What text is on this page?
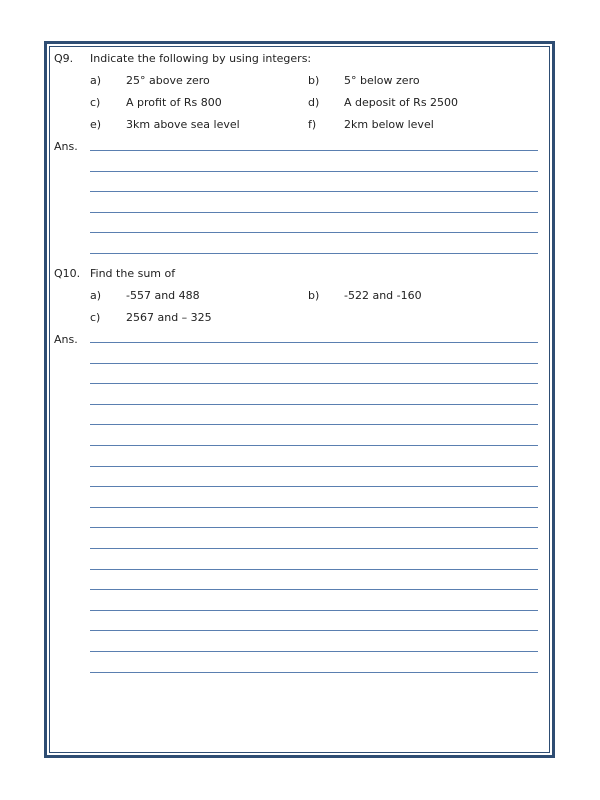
Q9. Indicate the following by using integers:
a) 25° above zero	b) 5° below zero
c) A profit of Rs 800	d) A deposit of Rs 2500
e) 3km above sea level	f)	2km below level
Ans.
Q10. Find the sum of
a) -557 and 488	b) -522 and -160
c) 2567 and – 325
Ans.
